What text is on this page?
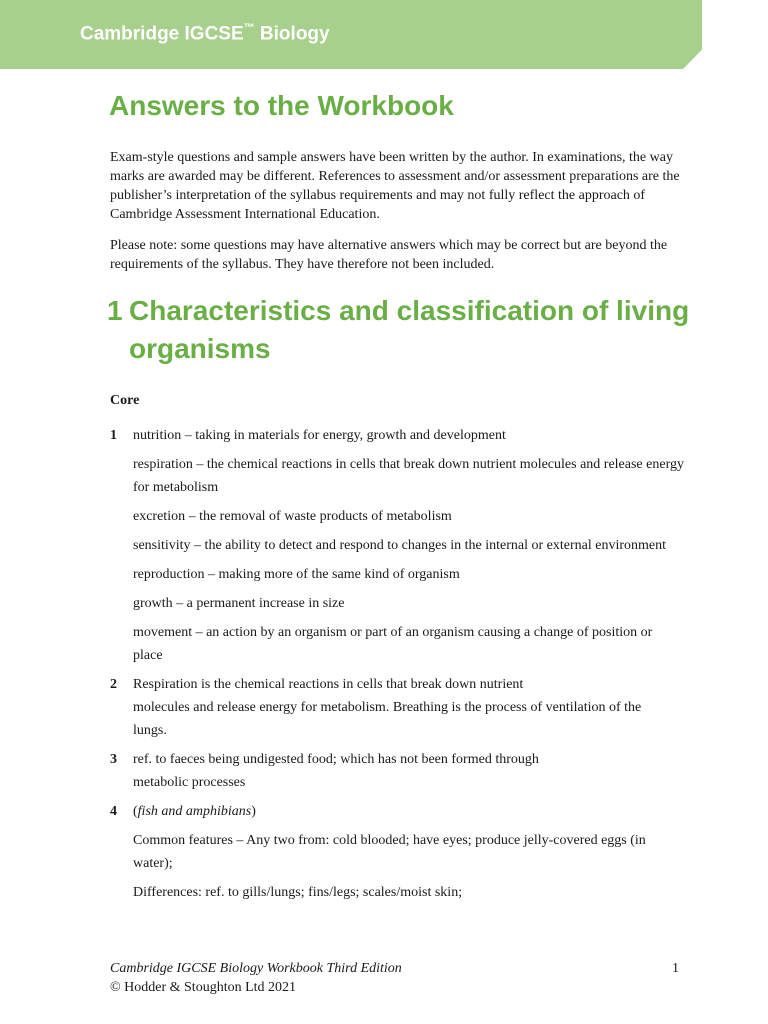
Cambridge IGCSE™ Biology

Answers to the Workbook

Exam-style questions and sample answers have been written by the author. In examinations, the way marks are awarded may be different. References to assessment and/or assessment preparations are the publisher’s interpretation of the syllabus requirements and may not fully reflect the approach of Cambridge Assessment International Education.

Please note: some questions may have alternative answers which may be correct but are beyond the requirements of the syllabus. They have therefore not been included.

1 Characteristics and classification of living organisms

Core

1 nutrition – taking in materials for energy, growth and development

respiration – the chemical reactions in cells that break down nutrient molecules and release energy for metabolism

excretion – the removal of waste products of metabolism

sensitivity – the ability to detect and respond to changes in the internal or external environment

reproduction – making more of the same kind of organism

growth – a permanent increase in size

movement – an action by an organism or part of an organism causing a change of position or place

2 Respiration is the chemical reactions in cells that break down nutrient

molecules and release energy for metabolism. Breathing is the process of ventilation of the lungs.

3 ref. to faeces being undigested food; which has not been formed through

metabolic processes

4 (fish and amphibians)

Common features – Any two from: cold blooded; have eyes; produce jelly-covered eggs (in water);

Differences: ref. to gills/lungs; fins/legs; scales/moist skin;

Cambridge IGCSE Biology Workbook Third Edition

© Hodder & Stoughton Ltd 2021

1
